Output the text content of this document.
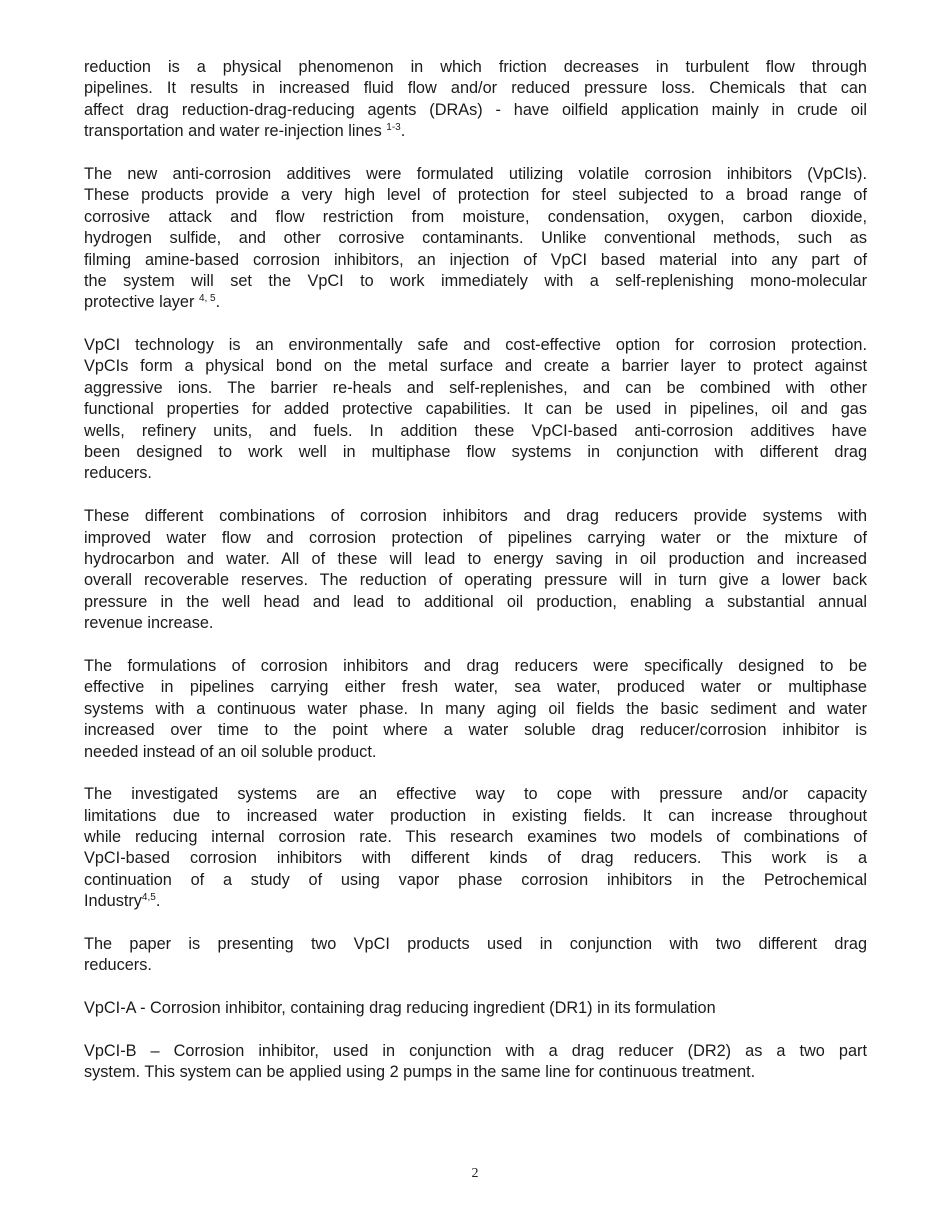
reduction is a physical phenomenon in which friction decreases in turbulent flow through
pipelines. It results in increased fluid flow and/or reduced pressure loss. Chemicals that can
affect drag reduction-drag-reducing agents (DRAs) - have oilfield application mainly in crude oil
transportation and water re-injection lines $^{1-3}$.
The new anti-corrosion additives were formulated utilizing volatile corrosion inhibitors (VpCIs).
These products provide a very high level of protection for steel subjected to a broad range of
corrosive attack and flow restriction from moisture, condensation, oxygen, carbon dioxide,
hydrogen sulfide, and other corrosive contaminants. Unlike conventional methods, such as
filming amine-based corrosion inhibitors, an injection of VpCI based material into any part of
the system will set the VpCI to work immediately with a self-replenishing mono-molecular
protective layer $^{4, 5}$.
VpCI technology is an environmentally safe and cost-effective option for corrosion protection.
VpCIs form a physical bond on the metal surface and create a barrier layer to protect against
aggressive ions. The barrier re-heals and self-replenishes, and can be combined with other
functional properties for added protective capabilities. It can be used in pipelines, oil and gas
wells, refinery units, and fuels. In addition these VpCI-based anti-corrosion additives have
been designed to work well in multiphase flow systems in conjunction with different drag
reducers.
These different combinations of corrosion inhibitors and drag reducers provide systems with
improved water flow and corrosion protection of pipelines carrying water or the mixture of
hydrocarbon and water. All of these will lead to energy saving in oil production and increased
overall recoverable reserves. The reduction of operating pressure will in turn give a lower back
pressure in the well head and lead to additional oil production, enabling a substantial annual
revenue increase.
The formulations of corrosion inhibitors and drag reducers were specifically designed to be
effective in pipelines carrying either fresh water, sea water, produced water or multiphase
systems with a continuous water phase. In many aging oil fields the basic sediment and water
increased over time to the point where a water soluble drag reducer/corrosion inhibitor is
needed instead of an oil soluble product.
The investigated systems are an effective way to cope with pressure and/or capacity
limitations due to increased water production in existing fields. It can increase throughout
while reducing internal corrosion rate. This research examines two models of combinations of
VpCI-based corrosion inhibitors with different kinds of drag reducers. This work is a
continuation of a study of using vapor phase corrosion inhibitors in the Petrochemical
Industry$^{4,5}$.
The paper is presenting two VpCI products used in conjunction with two different drag
reducers.
VpCI-A - Corrosion inhibitor, containing drag reducing ingredient (DR1) in its formulation
VpCI-B – Corrosion inhibitor, used in conjunction with a drag reducer (DR2) as a two part
system. This system can be applied using 2 pumps in the same line for continuous treatment.
2
